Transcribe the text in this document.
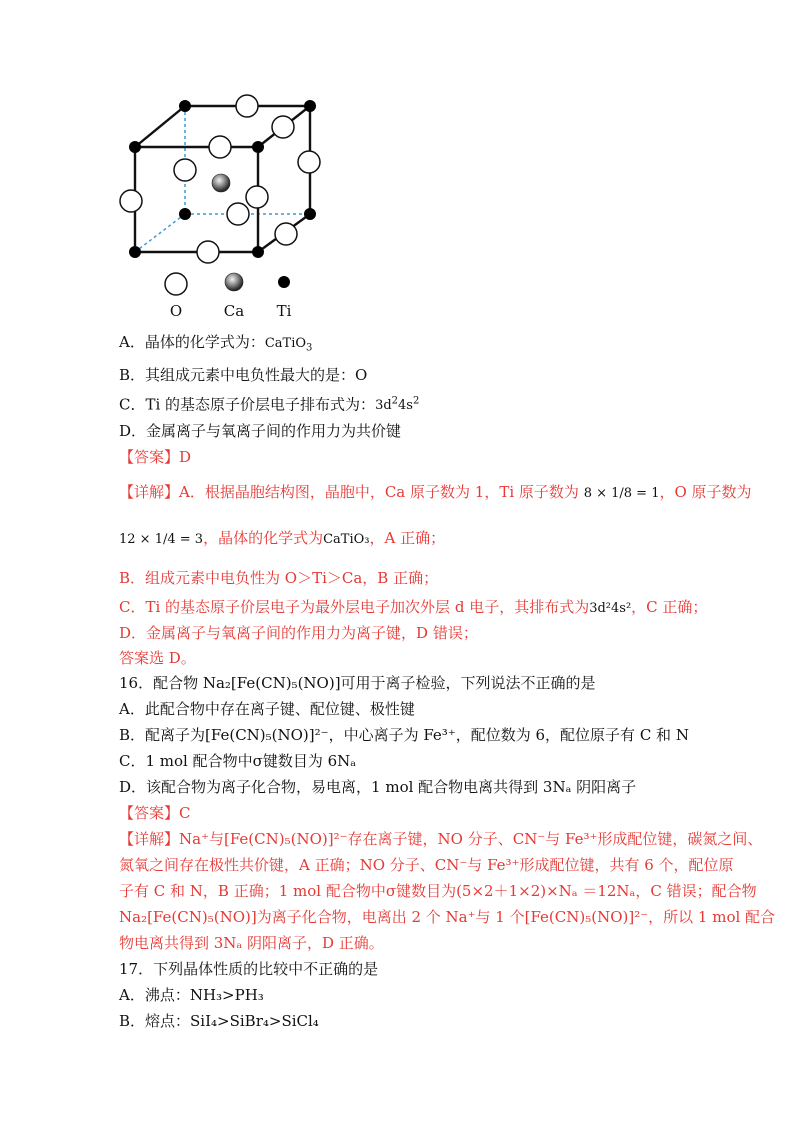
O	Ca Ti
A．晶体的化学式为：CaTiO$_3$
B．其组成元素中电负性最大的是：O
C．Ti 的基态原子价层电子排布式为：$3d^24s^2$
D．金属离子与氧离子间的作用力为共价键
【答案】D
【详解】A．根据晶胞结构图，晶胞中，Ca 原子数为 1，Ti 原子数为 8 × 1/8 = 1，O 原子数为
12 × 1/4 = 3，晶体的化学式为CaTiO₃，A 正确；
B．组成元素中电负性为 O＞Ti＞Ca，B 正确；
C．Ti 的基态原子价层电子为最外层电子加次外层 d 电子，其排布式为3d²4s²，C 正确；
D．金属离子与氧离子间的作用力为离子键，D 错误；
答案选 D。
16．配合物 Na₂[Fe(CN)₅(NO)]可用于离子检验，下列说法不正确的是
A．此配合物中存在离子键、配位键、极性键
B．配离子为[Fe(CN)₅(NO)]²⁻，中心离子为 Fe³⁺，配位数为 6，配位原子有 C 和 N
C．1 mol 配合物中σ键数目为 6Nₐ
D．该配合物为离子化合物，易电离，1 mol 配合物电离共得到 3Nₐ 阴阳离子
【答案】C
【详解】Na⁺与[Fe(CN)₅(NO)]²⁻存在离子键，NO 分子、CN⁻与 Fe³⁺形成配位键，碳氮之间、
氮氧之间存在极性共价键，A 正确；NO 分子、CN⁻与 Fe³⁺形成配位键，共有 6 个，配位原
子有 C 和 N，B 正确；1 mol 配合物中σ键数目为(5×2＋1×2)×Nₐ ＝12Nₐ，C 错误；配合物
Na₂[Fe(CN)₅(NO)]为离子化合物，电离出 2 个 Na⁺与 1 个[Fe(CN)₅(NO)]²⁻，所以 1 mol 配合
物电离共得到 3Nₐ 阴阳离子，D 正确。
17．下列晶体性质的比较中不正确的是
A．沸点：NH₃>PH₃
B．熔点：SiI₄>SiBr₄>SiCl₄
